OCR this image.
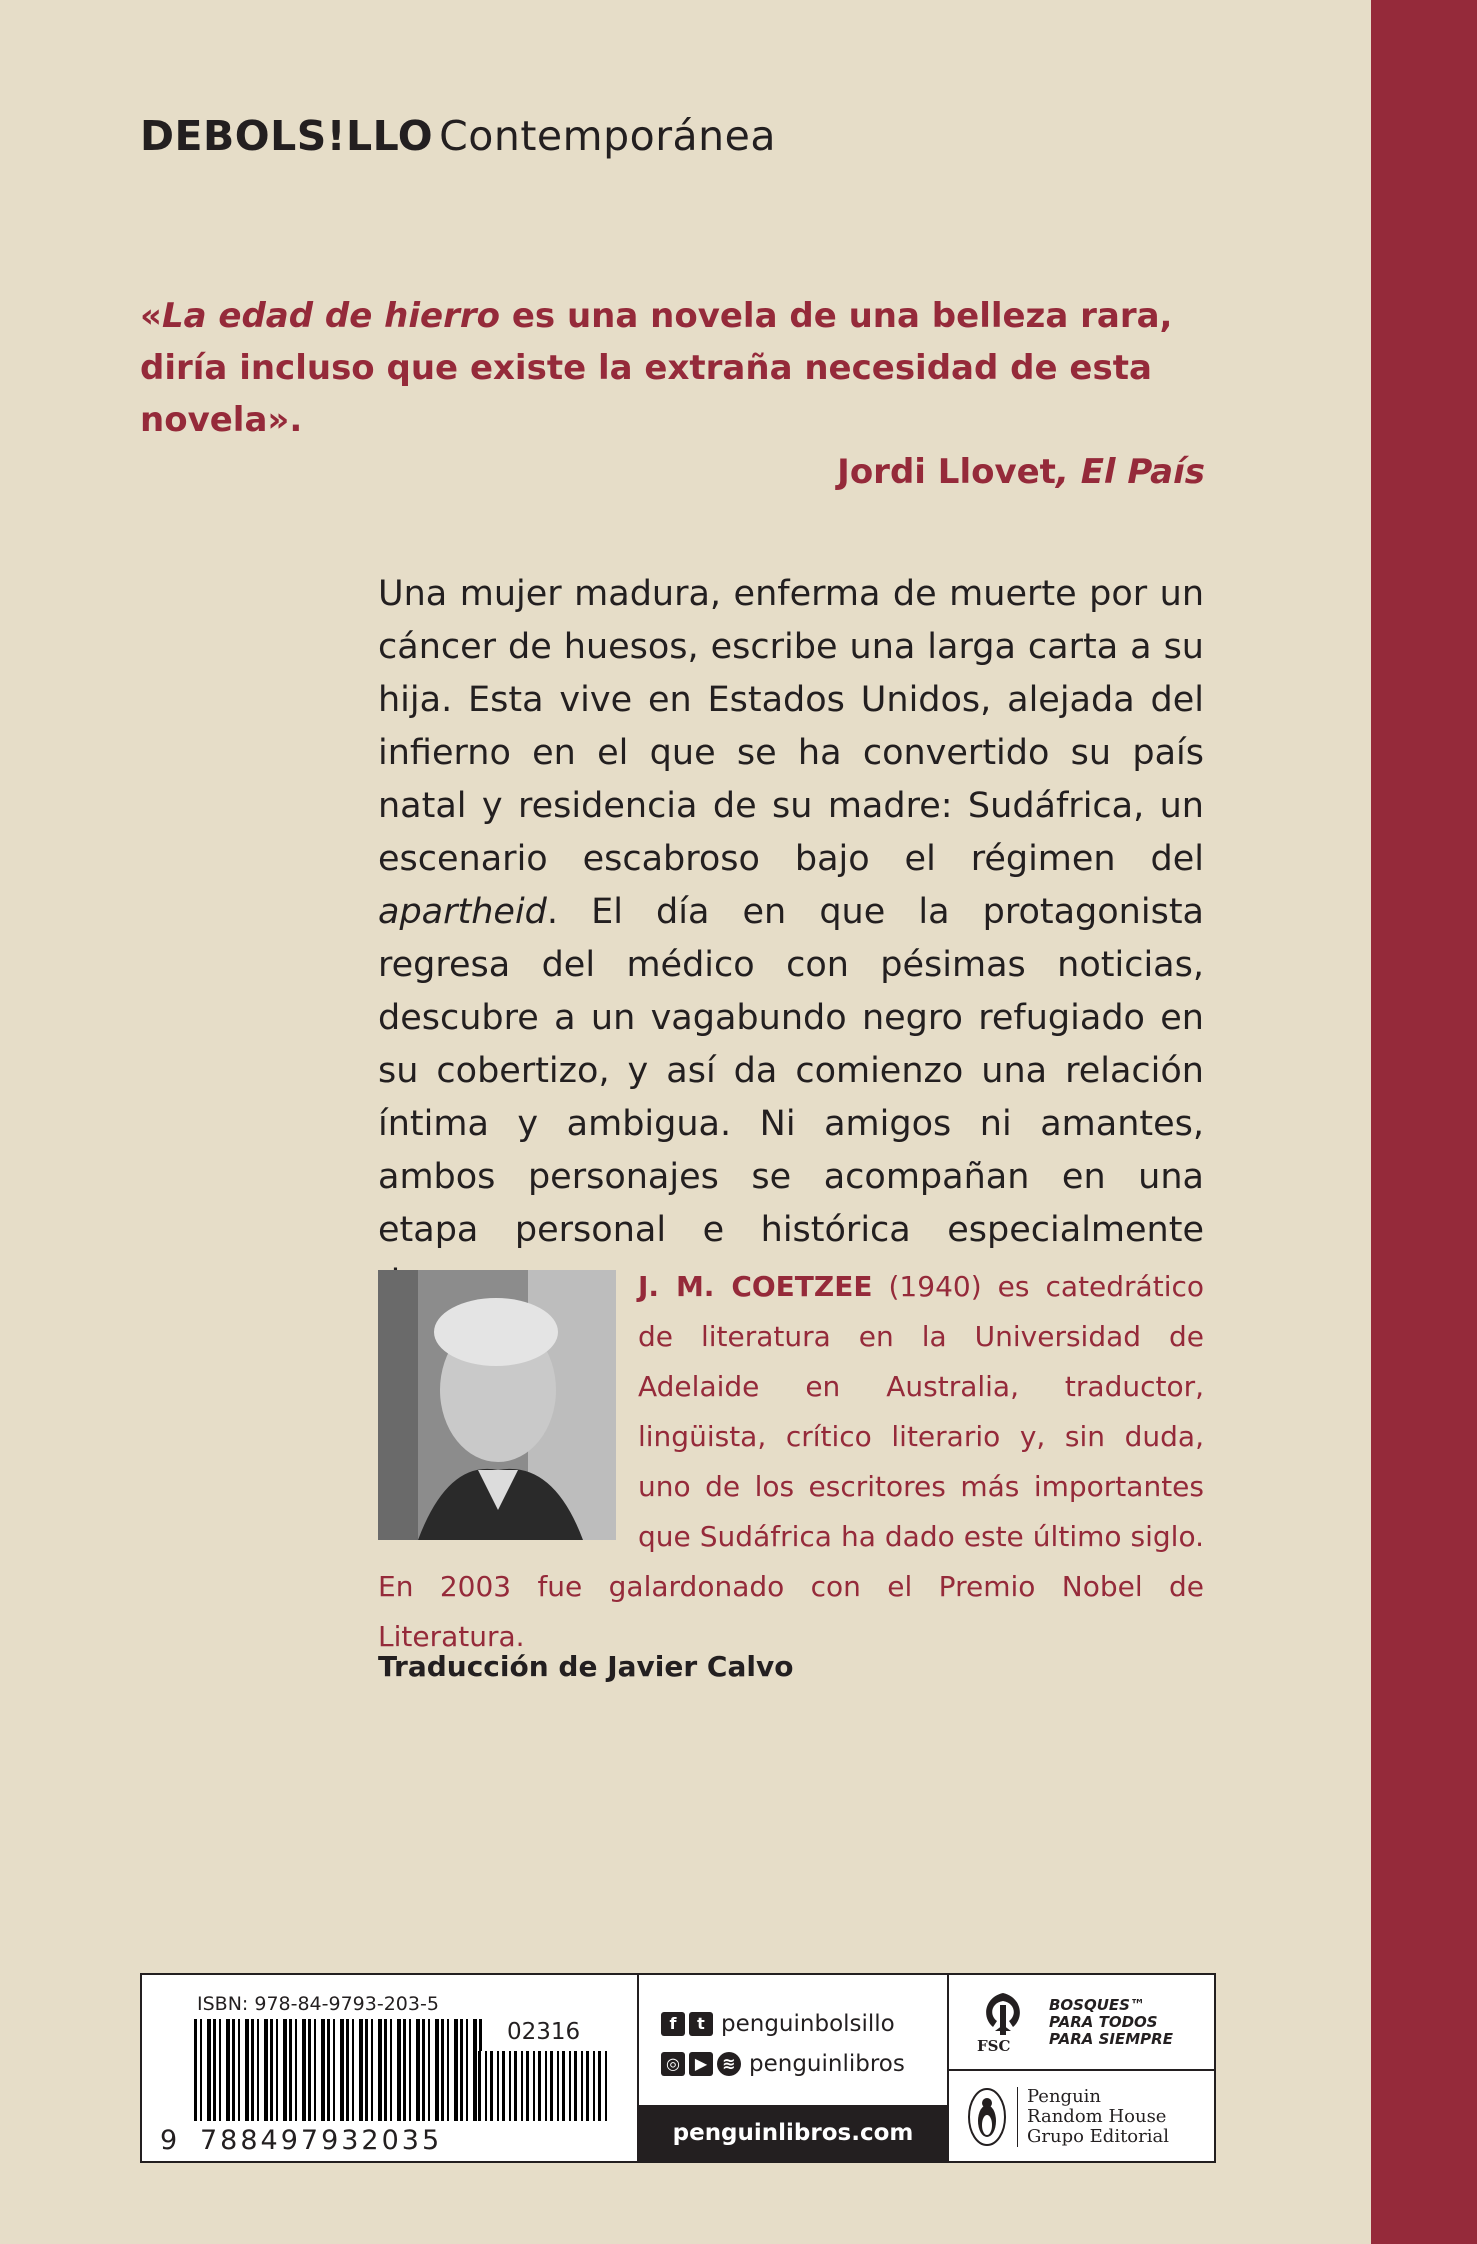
DEBOLS!LLO Contemporánea
«La edad de hierro es una novela de una belleza rara, diría incluso que existe la extraña necesidad de esta novela».
Jordi Llovet, El País
Una mujer madura, enferma de muerte por un cáncer de huesos, escribe una larga carta a su hija. Esta vive en Estados Unidos, alejada del infierno en el que se ha convertido su país natal y residencia de su madre: Sudáfrica, un escenario escabroso bajo el régimen del apartheid. El día en que la protagonista regresa del médico con pésimas noticias, descubre a un vagabundo negro refugiado en su cobertizo, y así da comienzo una relación íntima y ambigua. Ni amigos ni amantes, ambos personajes se acompañan en una etapa personal e histórica especialmente
J. M. COETZEE (1940) es catedrático de literatura en la Universidad de Adelaide en Australia, traductor, lingüista, crítico literario y, sin duda, uno de los escritores más importantes que Sudáfrica ha dado este último siglo. En 2003 fue galardonado con el Premio Nobel de Literatura.
Traducción de Javier Calvo
ISBN: 978-84-9793-203-5
02316
9 788497932035
f	t penguinbolsillo
◎ ▶ ≋ penguinlibros
penguinlibros.com
FSC
BOSQUES™
PARA TODOS
PARA SIEMPRE
Penguin
Random House
Grupo Editorial
